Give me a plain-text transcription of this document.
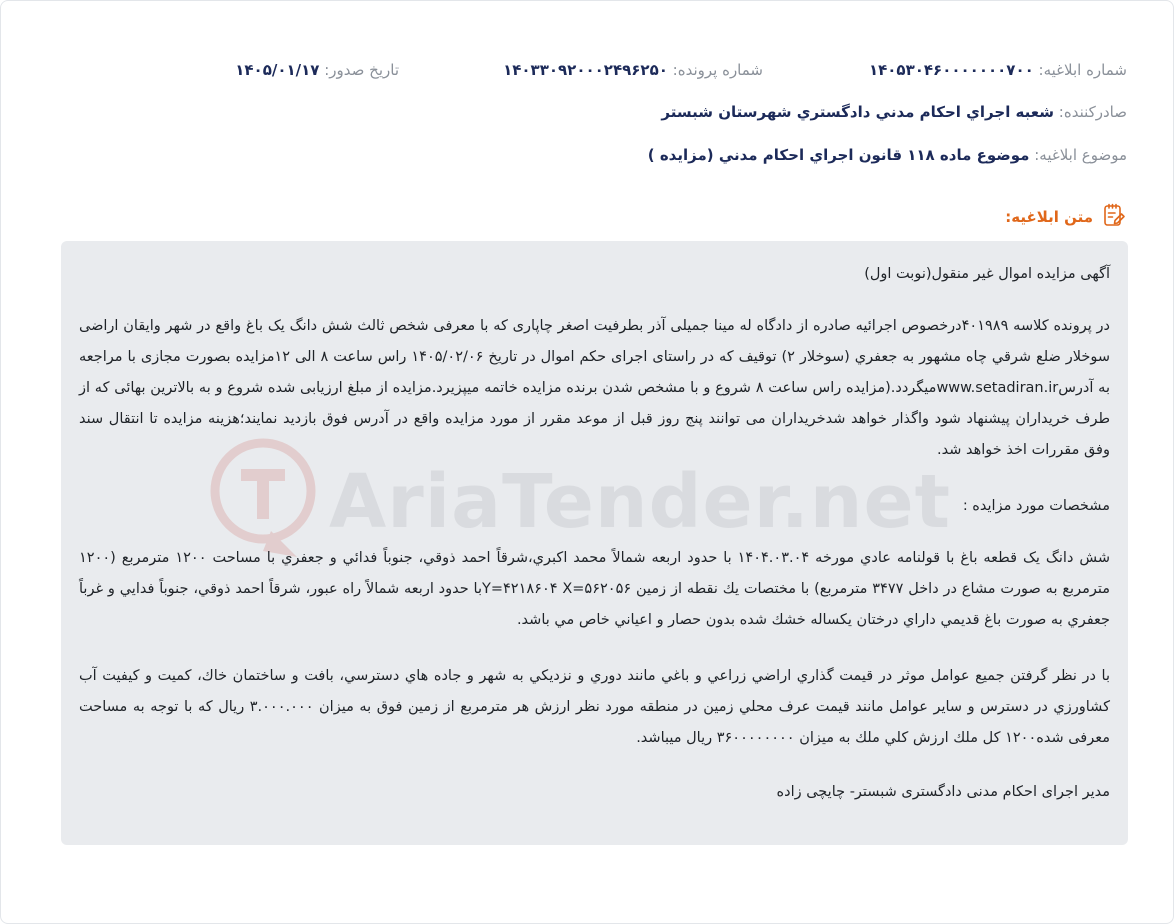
شماره ابلاغيه: ۱۴۰۵۳۰۴۶۰۰۰۰۰۰۰۷۰۰
شماره پرونده: ۱۴۰۳۳۰۹۲۰۰۰۲۴۹۶۲۵۰
تاریخ صدور: ۱۴۰۵/۰۱/۱۷
صادرکننده: شعبه اجراي احكام مدني دادگستري شهرستان شبستر
موضوع ابلاغيه: موضوع ماده ۱۱۸ قانون اجراي احكام مدني (مزايده )
متن ابلاغيه:
AriaTender.net
آگهی مزایده اموال غیر منقول(نوبت اول)
در پرونده کلاسه ۴۰۱۹۸۹درخصوص اجرائیه صادره از دادگاه له مینا جمیلی آذر بطرفیت اصغر چاپاری که با معرفی شخص ثالث شش دانگ یک باغ واقع در شهر وایقان اراضی سوخلار ضلع شرقي چاه مشهور به جعفري (سوخلار ۲) توقیف که در راستای اجرای حکم اموال در تاریخ ۱۴۰۵/۰۲/۰۶ راس ساعت ۸ الی ۱۲مزایده بصورت مجازی با مراجعه به آدرسwww.setadiran.irمیگردد.(مزایده راس ساعت ۸ شروع و با مشخص شدن برنده مزایده خاتمه میپزیرد.مزایده از مبلغ ارزیابی شده شروع و به بالاترین بهائی که از طرف خریداران پیشنهاد شود واگذار خواهد شدخریداران می توانند پنج روز قبل از موعد مقرر از مورد مزایده واقع در آدرس فوق بازدید نمایند؛هزینه مزایده تا انتقال سند وفق مقررات اخذ خواهد شد.
مشخصات مورد مزایده :
شش دانگ يک قطعه باغ با قولنامه عادي مورخه ۱۴۰۴.۰۳.۰۴ با حدود اربعه شمالاً محمد اكبري،شرقاً احمد ذوقي، جنوباً فدائي و جعفري با مساحت ۱۲۰۰ مترمربع (۱۲۰۰ مترمربع به صورت مشاع در داخل ۳۴۷۷ مترمربع) با مختصات يك نقطه از زمين Y=۴۲۱۸۶۰۴ X=۵۶۲۰۵۶با حدود اربعه شمالاً راه عبور، شرقاً احمد ذوقي، جنوباً فدايي و غرباً جعفري به صورت باغ قديمي داراي درختان يكساله خشك شده بدون حصار و اعياني خاص مي باشد.
با در نظر گرفتن جميع عوامل موثر در قيمت گذاري اراضي زراعي و باغي مانند دوري و نزديكي به شهر و جاده هاي دسترسي، بافت و ساختمان خاك، كميت و كيفيت آب كشاورزي در دسترس و ساير عوامل مانند قيمت عرف محلي زمين در منطقه مورد نظر ارزش هر مترمربع از زمين فوق به ميزان ۳.۰۰۰.۰۰۰ ريال كه با توجه به مساحت معرفی شده۱۲۰۰ كل ملك ارزش كلي ملك به ميزان ۳۶۰۰۰۰۰۰۰۰ ريال ميباشد.
مدیر اجرای احکام مدنی دادگستری شبستر- چایچی زاده
